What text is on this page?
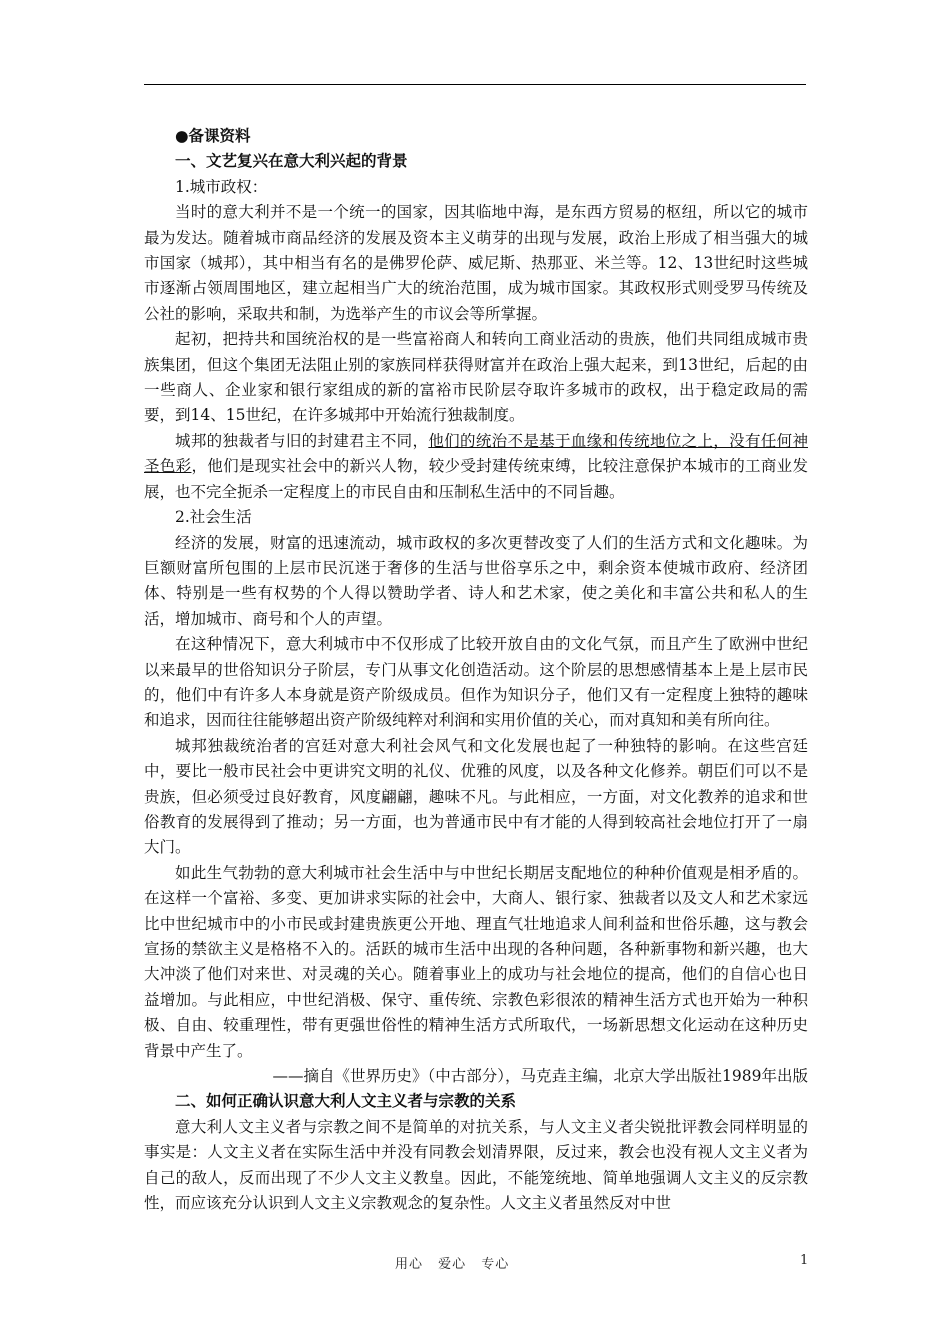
●备课资料

一、文艺复兴在意大利兴起的背景

1.城市政权：

当时的意大利并不是一个统一的国家，因其临地中海，是东西方贸易的枢纽，所以它的城市最为发达。随着城市商品经济的发展及资本主义萌芽的出现与发展，政治上形成了相当强大的城市国家（城邦），其中相当有名的是佛罗伦萨、威尼斯、热那亚、米兰等。12、13世纪时这些城市逐渐占领周围地区，建立起相当广大的统治范围，成为城市国家。其政权形式则受罗马传统及公社的影响，采取共和制，为选举产生的市议会等所掌握。

起初，把持共和国统治权的是一些富裕商人和转向工商业活动的贵族，他们共同组成城市贵族集团，但这个集团无法阻止别的家族同样获得财富并在政治上强大起来，到13世纪，后起的由一些商人、企业家和银行家组成的新的富裕市民阶层夺取许多城市的政权，出于稳定政局的需要，到14、15世纪，在许多城邦中开始流行独裁制度。

城邦的独裁者与旧的封建君主不同，他们的统治不是基于血缘和传统地位之上，没有任何神圣色彩，他们是现实社会中的新兴人物，较少受封建传统束缚，比较注意保护本城市的工商业发展，也不完全扼杀一定程度上的市民自由和压制私生活中的不同旨趣。

2.社会生活

经济的发展，财富的迅速流动，城市政权的多次更替改变了人们的生活方式和文化趣味。为巨额财富所包围的上层市民沉迷于奢侈的生活与世俗享乐之中，剩余资本使城市政府、经济团体、特别是一些有权势的个人得以赞助学者、诗人和艺术家，使之美化和丰富公共和私人的生活，增加城市、商号和个人的声望。

在这种情况下，意大利城市中不仅形成了比较开放自由的文化气氛，而且产生了欧洲中世纪以来最早的世俗知识分子阶层，专门从事文化创造活动。这个阶层的思想感情基本上是上层市民的，他们中有许多人本身就是资产阶级成员。但作为知识分子，他们又有一定程度上独特的趣味和追求，因而往往能够超出资产阶级纯粹对利润和实用价值的关心，而对真知和美有所向往。

城邦独裁统治者的宫廷对意大利社会风气和文化发展也起了一种独特的影响。在这些宫廷中，要比一般市民社会中更讲究文明的礼仪、优雅的风度，以及各种文化修养。朝臣们可以不是贵族，但必须受过良好教育，风度翩翩，趣味不凡。与此相应，一方面，对文化教养的追求和世俗教育的发展得到了推动；另一方面，也为普通市民中有才能的人得到较高社会地位打开了一扇大门。

如此生气勃勃的意大利城市社会生活中与中世纪长期居支配地位的种种价值观是相矛盾的。在这样一个富裕、多变、更加讲求实际的社会中，大商人、银行家、独裁者以及文人和艺术家远比中世纪城市中的小市民或封建贵族更公开地、理直气壮地追求人间利益和世俗乐趣，这与教会宣扬的禁欲主义是格格不入的。活跃的城市生活中出现的各种问题，各种新事物和新兴趣，也大大冲淡了他们对来世、对灵魂的关心。随着事业上的成功与社会地位的提高，他们的自信心也日益增加。与此相应，中世纪消极、保守、重传统、宗教色彩很浓的精神生活方式也开始为一种积极、自由、较重理性，带有更强世俗性的精神生活方式所取代，一场新思想文化运动在这种历史背景中产生了。

——摘自《世界历史》（中古部分），马克垚主编，北京大学出版社1989年出版

二、如何正确认识意大利人文主义者与宗教的关系

意大利人文主义者与宗教之间不是简单的对抗关系，与人文主义者尖锐批评教会同样明显的事实是：人文主义者在实际生活中并没有同教会划清界限，反过来，教会也没有视人文主义者为自己的敌人，反而出现了不少人文主义教皇。因此，不能笼统地、简单地强调人文主义的反宗教性，而应该充分认识到人文主义宗教观念的复杂性。人文主义者虽然反对中世

用心 爱心 专心	1
